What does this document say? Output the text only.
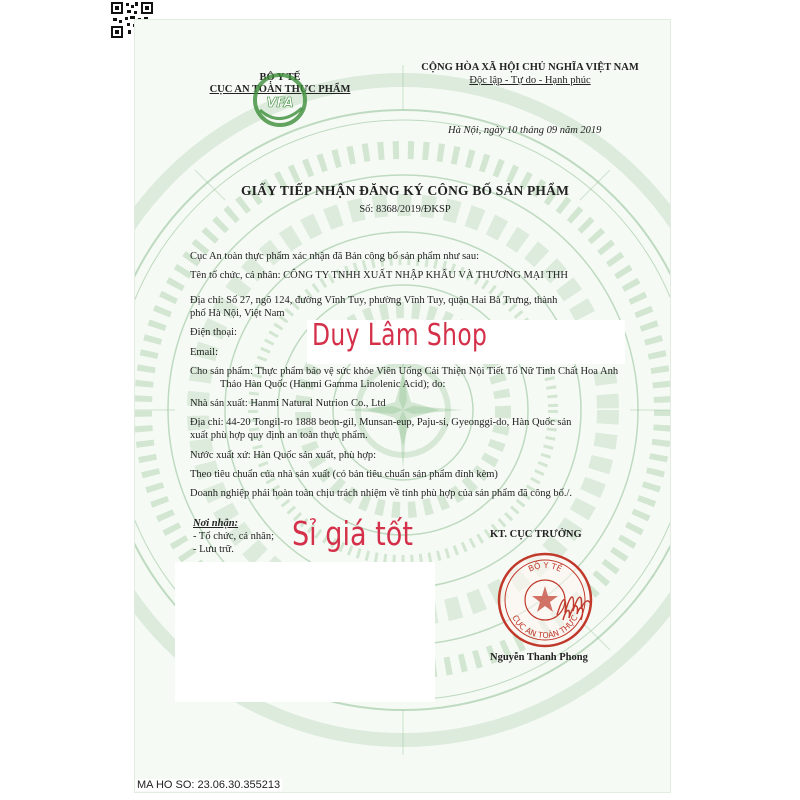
BỘ Y TẾ
CỤC AN TOÀN THỰC PHẨM
VFA
CỘNG HÒA XÃ HỘI CHỦ NGHĨA VIỆT NAM
Độc lập - Tự do - Hạnh phúc
Hà Nội, ngày 10 tháng 09 năm 2019
GIẤY TIẾP NHẬN ĐĂNG KÝ CÔNG BỐ SẢN PHẨM
Số: 8368/2019/ĐKSP
Cục An toàn thực phẩm xác nhận đã Bản công bố sản phẩm như sau:
Tên tổ chức, cá nhân: CÔNG TY TNHH XUẤT NHẬP KHẨU VÀ THƯƠNG MẠI THH
Địa chỉ: Số 27, ngõ 124, đường Vĩnh Tuy, phường Vĩnh Tuy, quận Hai Bà Trưng, thành
phố Hà Nội, Việt Nam
Điện thoại:
Email:
Cho sản phẩm: Thực phẩm bảo vệ sức khỏe Viên Uống Cải Thiện Nội Tiết Tố Nữ Tinh Chất Hoa Anh
Thảo Hàn Quốc (Hanmi Gamma Linolenic Acid); do:
Nhà sản xuất: Hanmi Natural Nutrion Co., Ltd
Địa chỉ: 44-20 Tongil-ro 1888 beon-gil, Munsan-eup, Paju-si, Gyeonggi-do, Hàn Quốc sản
xuất phù hợp quy định an toàn thực phẩm.
Nước xuất xứ: Hàn Quốc sản xuất, phù hợp:
Theo tiêu chuẩn của nhà sản xuất (có bản tiêu chuẩn sản phẩm đính kèm)
Doanh nghiệp phải hoàn toàn chịu trách nhiệm về tính phù hợp của sản phẩm đã công bố./.
Duy Lâm Shop
Nơi nhận:
- Tổ chức, cá nhân;
- Lưu trữ. Sỉ giá tốt	KT. CỤC TRƯỞNG
BỘ Y TẾ
CỤC AN TOÀN THỰC
Nguyễn Thanh Phong
MA HO SO: 23.06.30.355213
